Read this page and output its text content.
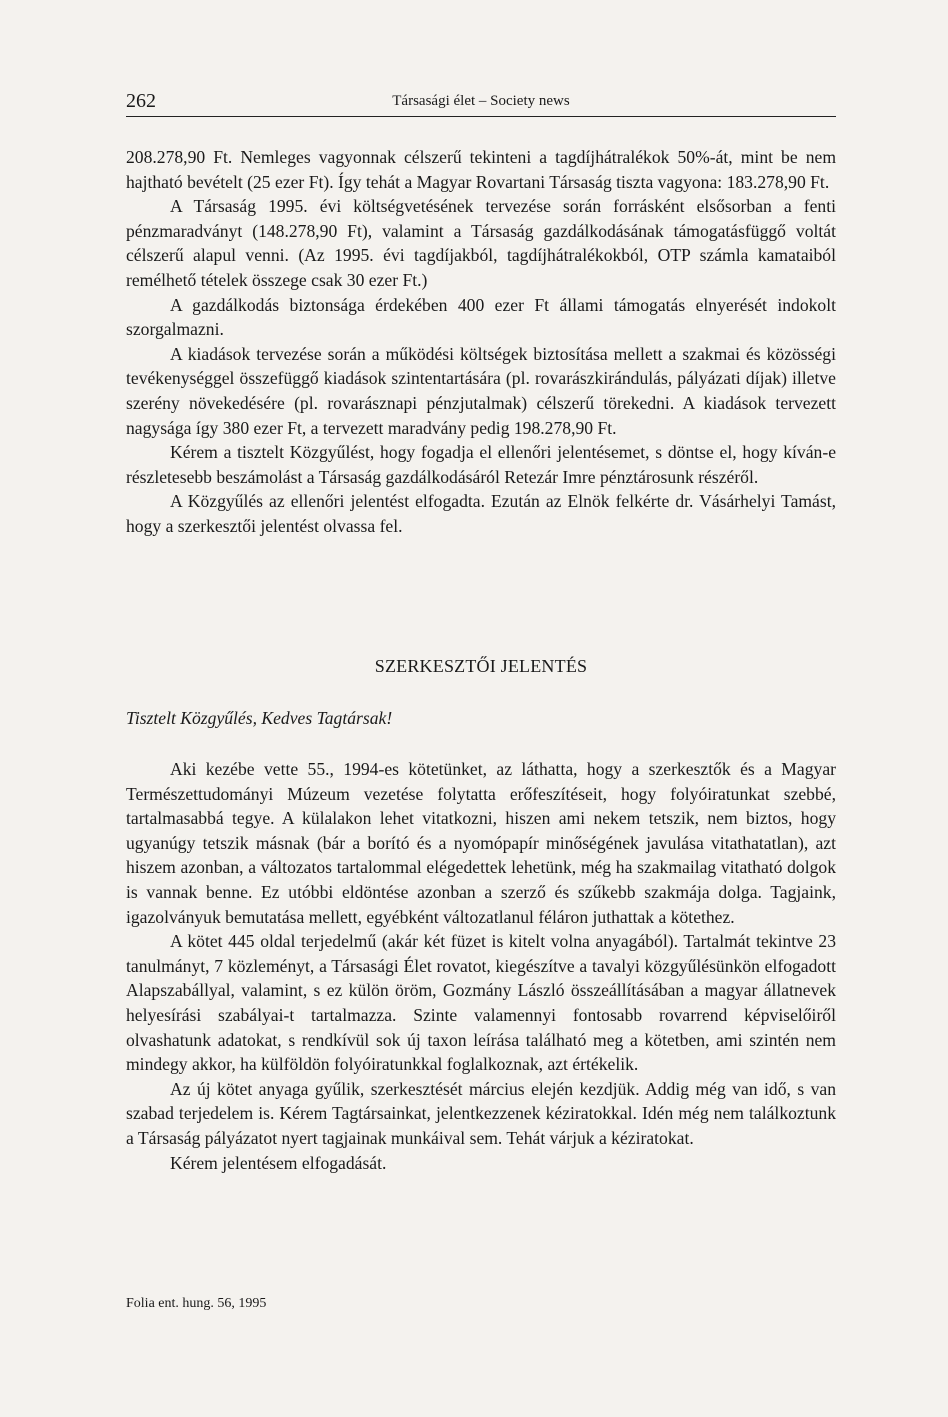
262	Társasági élet – Society news

208.278,90 Ft. Nemleges vagyonnak célszerű tekinteni a tagdíjhátralékok 50%-át, mint be nem hajtható bevételt (25 ezer Ft). Így tehát a Magyar Rovartani Társaság tiszta vagyona: 183.278,90 Ft.

A Társaság 1995. évi költségvetésének tervezése során forrásként elsősorban a fenti pénzmaradványt (148.278,90 Ft), valamint a Társaság gazdálkodásának támogatásfüggő voltát célszerű alapul venni. (Az 1995. évi tagdíjakból, tagdíjhátralékokból, OTP számla kamataiból remélhető tételek összege csak 30 ezer Ft.)

A gazdálkodás biztonsága érdekében 400 ezer Ft állami támogatás elnyerését indokolt szorgalmazni.

A kiadások tervezése során a működési költségek biztosítása mellett a szakmai és közösségi tevékenységgel összefüggő kiadások szintentartására (pl. rovarászkirándulás, pályázati díjak) illetve szerény növekedésére (pl. rovarásznapi pénzjutalmak) célszerű törekedni. A kiadások tervezett nagysága így 380 ezer Ft, a tervezett maradvány pedig 198.278,90 Ft.

Kérem a tisztelt Közgyűlést, hogy fogadja el ellenőri jelentésemet, s döntse el, hogy kíván-e részletesebb beszámolást a Társaság gazdálkodásáról Retezár Imre pénztárosunk részéről.

A Közgyűlés az ellenőri jelentést elfogadta. Ezután az Elnök felkérte dr. Vásárhelyi Tamást, hogy a szerkesztői jelentést olvassa fel.

SZERKESZTŐI JELENTÉS
Tisztelt Közgyűlés, Kedves Tagtársak!

Aki kezébe vette 55., 1994-es kötetünket, az láthatta, hogy a szerkesztők és a Magyar Természettudományi Múzeum vezetése folytatta erőfeszítéseit, hogy folyóiratunkat szebbé, tartalmasabbá tegye. A külalakon lehet vitatkozni, hiszen ami nekem tetszik, nem biztos, hogy ugyanúgy tetszik másnak (bár a borító és a nyomópapír minőségének javulása vitathatatlan), azt hiszem azonban, a változatos tartalommal elégedettek lehetünk, még ha szakmailag vitatható dolgok is vannak benne. Ez utóbbi eldöntése azonban a szerző és szűkebb szakmája dolga. Tagjaink, igazolványuk bemutatása mellett, egyébként változatlanul féláron juthattak a kötethez.

A kötet 445 oldal terjedelmű (akár két füzet is kitelt volna anyagából). Tartalmát tekintve 23 tanulmányt, 7 közleményt, a Társasági Élet rovatot, kiegészítve a tavalyi közgyűlésünkön elfogadott Alapszabállyal, valamint, s ez külön öröm, Gozmány László összeállításában a magyar állatnevek helyesírási szabályai-t tartalmazza. Szinte valamennyi fontosabb rovarrend képviselőiről olvashatunk adatokat, s rendkívül sok új taxon leírása található meg a kötetben, ami szintén nem mindegy akkor, ha külföldön folyóiratunkkal foglalkoznak, azt értékelik.

Az új kötet anyaga gyűlik, szerkesztését március elején kezdjük. Addig még van idő, s van szabad terjedelem is. Kérem Tagtársainkat, jelentkezzenek kéziratokkal. Idén még nem találkoztunk a Társaság pályázatot nyert tagjainak munkáival sem. Tehát várjuk a kéziratokat.

Kérem jelentésem elfogadását.

Folia ent. hung. 56, 1995
